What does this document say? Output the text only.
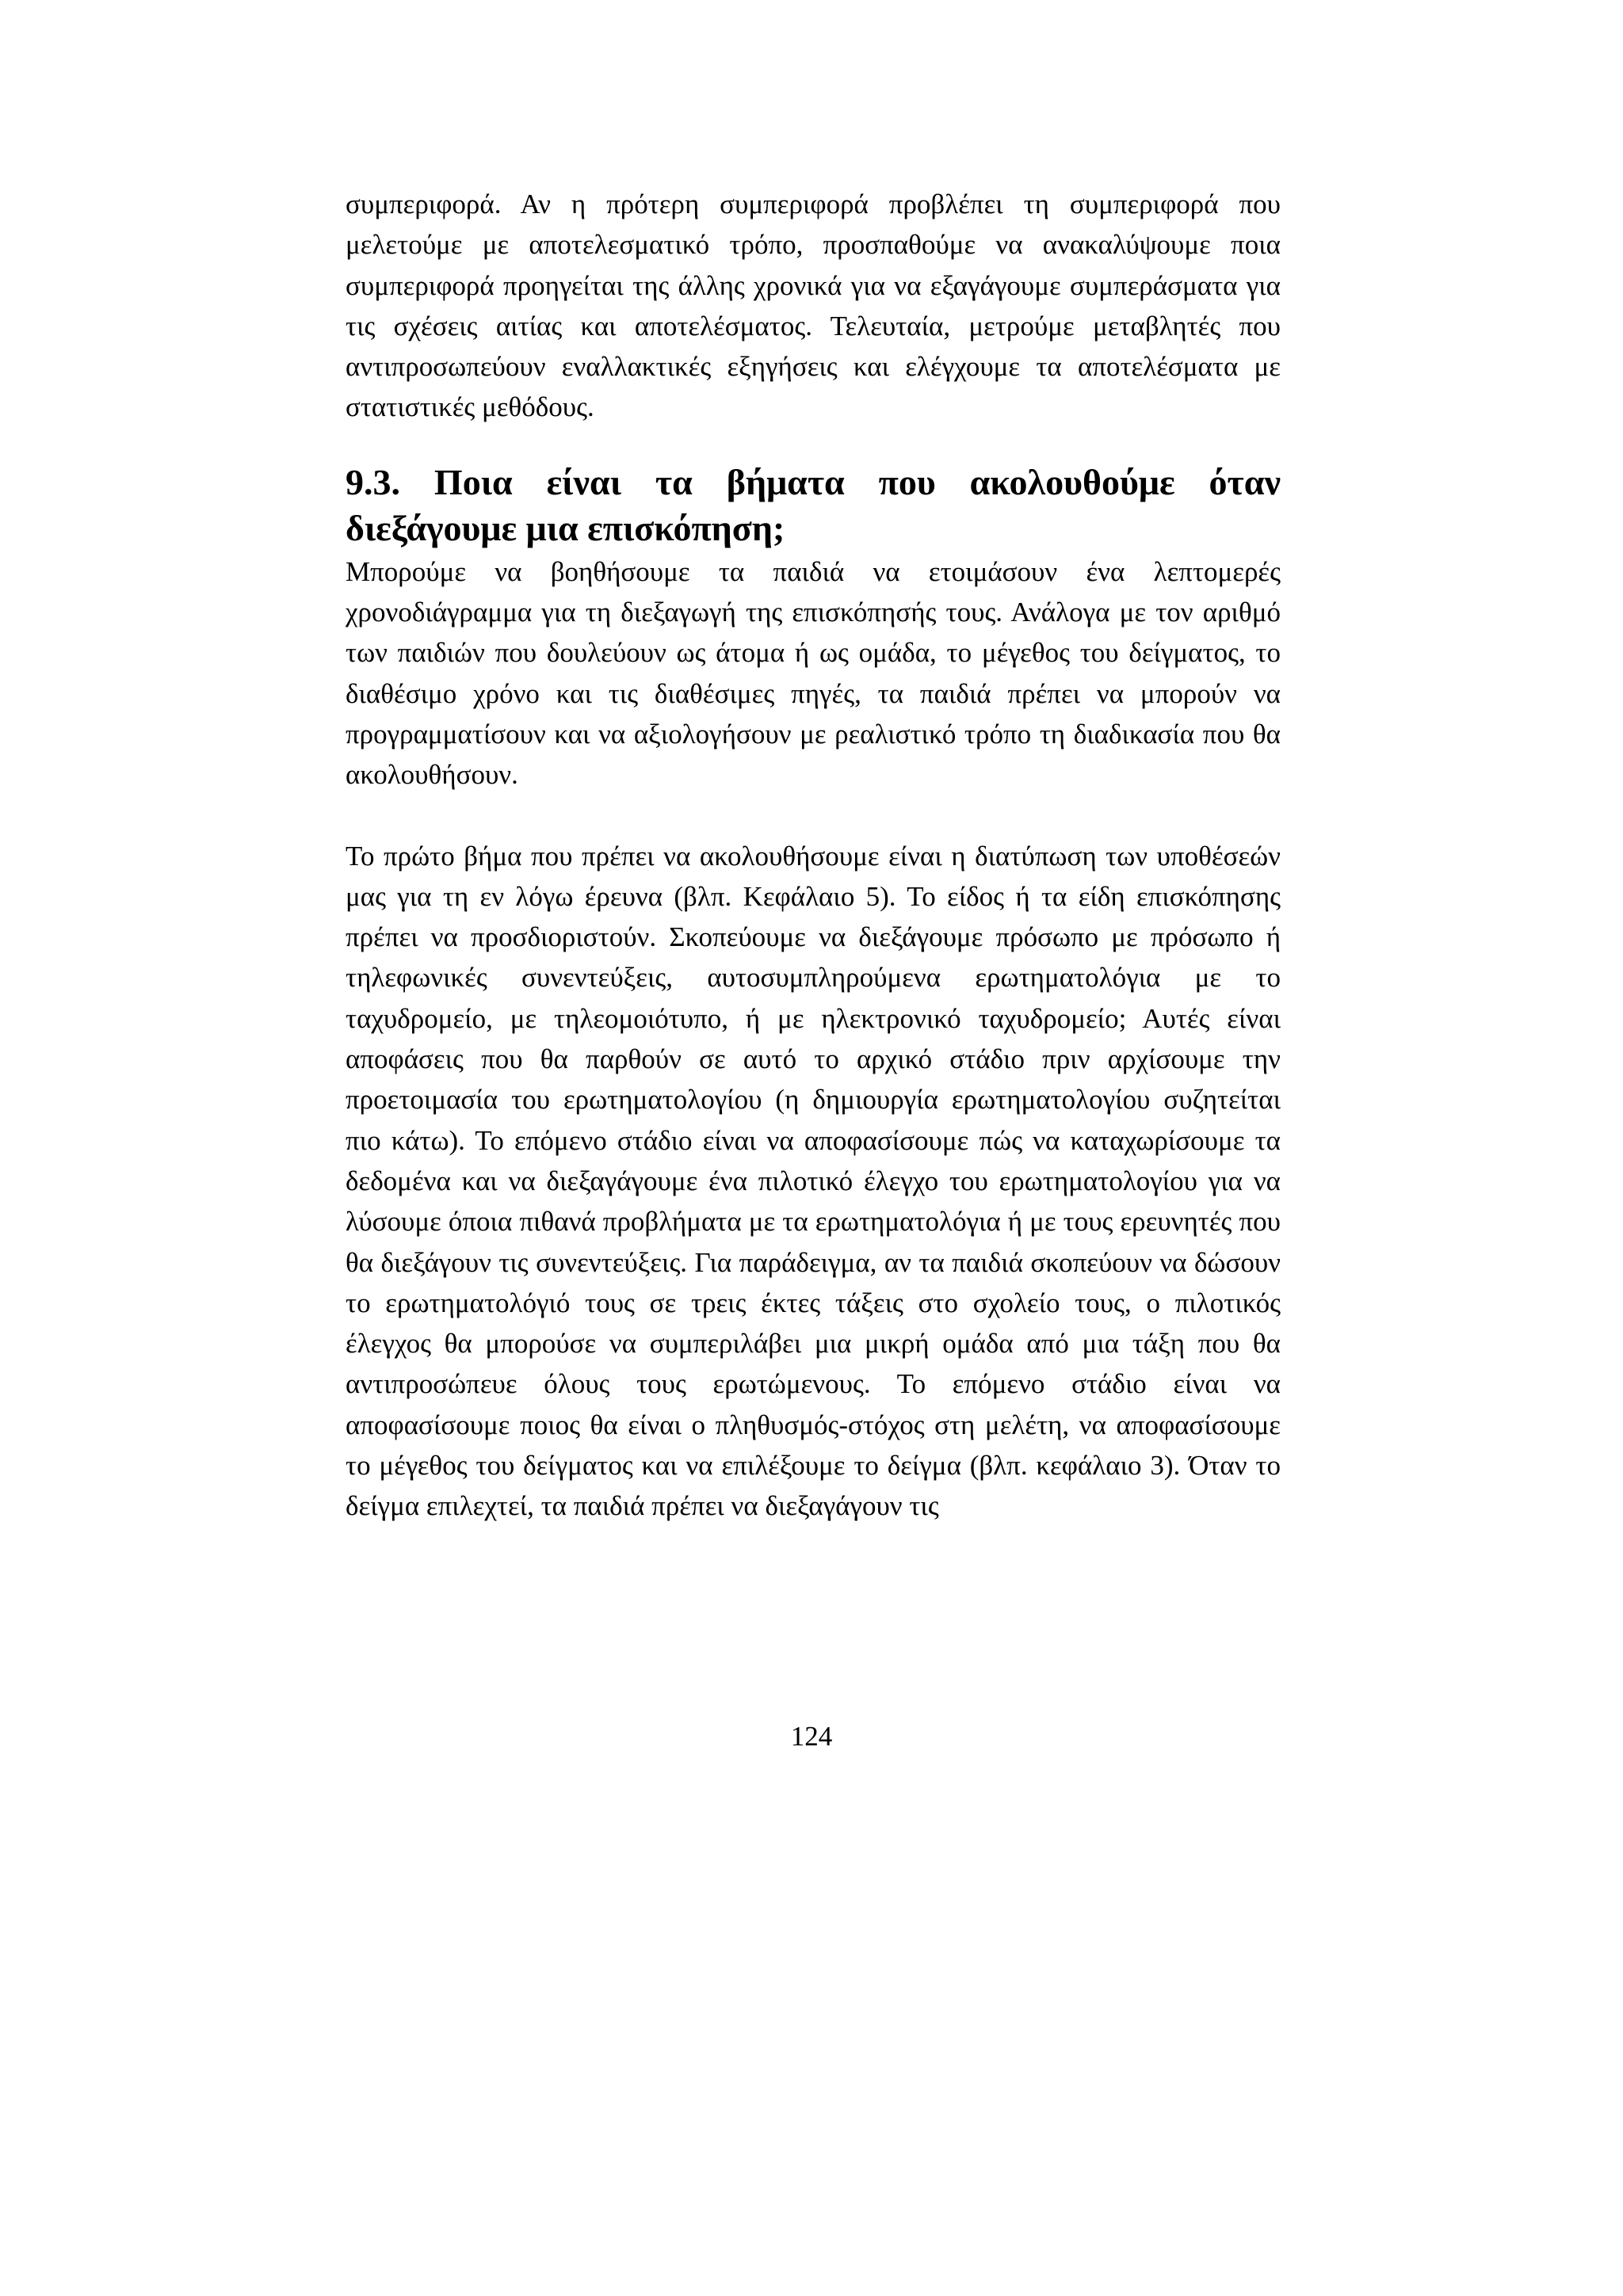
συμπεριφορά. Αν η πρότερη συμπεριφορά προβλέπει τη συμπεριφορά που μελετούμε με αποτελεσματικό τρόπο, προσπαθούμε να ανακαλύψουμε ποια συμπεριφορά προηγείται της άλλης χρονικά για να εξαγάγουμε συμπεράσματα για τις σχέσεις αιτίας και αποτελέσματος. Τελευταία, μετρούμε μεταβλητές που αντιπροσωπεύουν εναλλακτικές εξηγήσεις και ελέγχουμε τα αποτελέσματα με στατιστικές μεθόδους.

9.3. Ποια είναι τα βήματα που ακολουθούμε όταν διεξάγουμε μια επισκόπηση;

Μπορούμε να βοηθήσουμε τα παιδιά να ετοιμάσουν ένα λεπτομερές χρονοδιάγραμμα για τη διεξαγωγή της επισκόπησής τους. Ανάλογα με τον αριθμό των παιδιών που δουλεύουν ως άτομα ή ως ομάδα, το μέγεθος του δείγματος, το διαθέσιμο χρόνο και τις διαθέσιμες πηγές, τα παιδιά πρέπει να μπορούν να προγραμματίσουν και να αξιολογήσουν με ρεαλιστικό τρόπο τη διαδικασία που θα ακολουθήσουν.

Το πρώτο βήμα που πρέπει να ακολουθήσουμε είναι η διατύπωση των υποθέσεών μας για τη εν λόγω έρευνα (βλπ. Κεφάλαιο 5). Το είδος ή τα είδη επισκόπησης πρέπει να προσδιοριστούν. Σκοπεύουμε να διεξάγουμε πρόσωπο με πρόσωπο ή τηλεφωνικές συνεντεύξεις, αυτοσυμπληρούμενα ερωτηματολόγια με το ταχυδρομείο, με τηλεομοιότυπο, ή με ηλεκτρονικό ταχυδρομείο; Αυτές είναι αποφάσεις που θα παρθούν σε αυτό το αρχικό στάδιο πριν αρχίσουμε την προετοιμασία του ερωτηματολογίου (η δημιουργία ερωτηματολογίου συζητείται πιο κάτω). Το επόμενο στάδιο είναι να αποφασίσουμε πώς να καταχωρίσουμε τα δεδομένα και να διεξαγάγουμε ένα πιλοτικό έλεγχο του ερωτηματολογίου για να λύσουμε όποια πιθανά προβλήματα με τα ερωτηματολόγια ή με τους ερευνητές που θα διεξάγουν τις συνεντεύξεις. Για παράδειγμα, αν τα παιδιά σκοπεύουν να δώσουν το ερωτηματολόγιό τους σε τρεις έκτες τάξεις στο σχολείο τους, ο πιλοτικός έλεγχος θα μπορούσε να συμπεριλάβει μια μικρή ομάδα από μια τάξη που θα αντιπροσώπευε όλους τους ερωτώμενους. Το επόμενο στάδιο είναι να αποφασίσουμε ποιος θα είναι ο πληθυσμός-στόχος στη μελέτη, να αποφασίσουμε το μέγεθος του δείγματος και να επιλέξουμε το δείγμα (βλπ. κεφάλαιο 3). Όταν το δείγμα επιλεχτεί, τα παιδιά πρέπει να διεξαγάγουν τις

124
